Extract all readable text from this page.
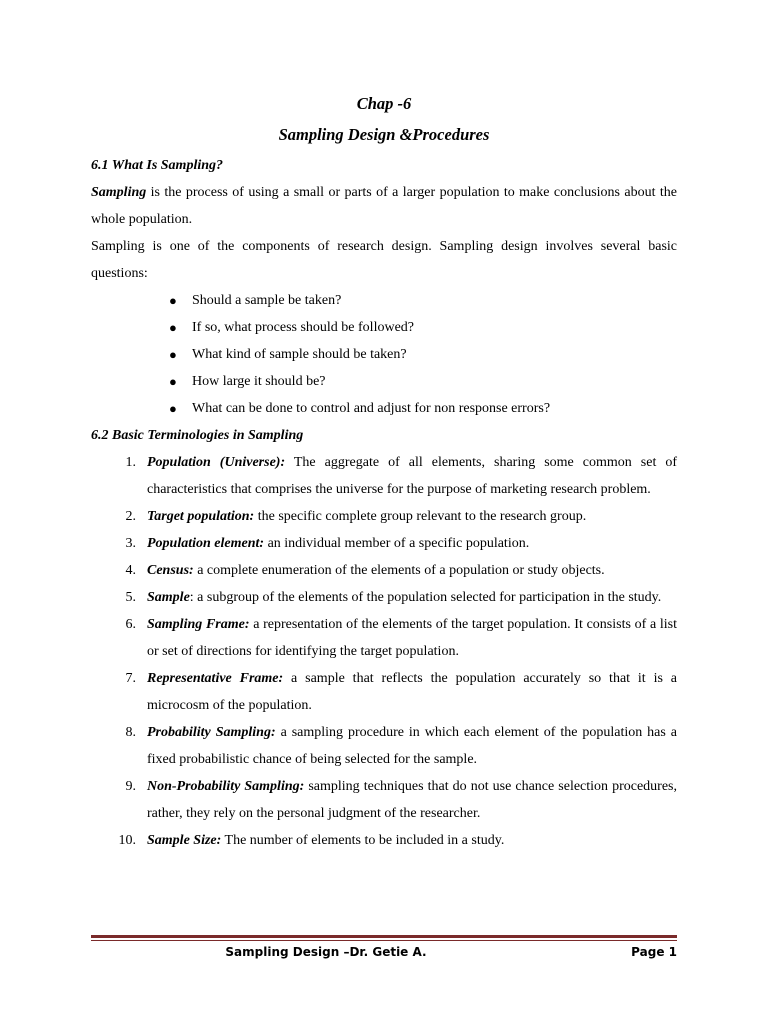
Chap -6
Sampling Design &Procedures
6.1 What Is Sampling?

Sampling is the process of using a small or parts of a larger population to make conclusions about the whole population.

Sampling is one of the components of research design. Sampling design involves several basic questions:

● Should a sample be taken?
● If so, what process should be followed?
● What kind of sample should be taken?
● How large it should be?
● What can be done to control and adjust for non response errors?
6.2 Basic Terminologies in Sampling
1. Population (Universe): The aggregate of all elements, sharing some common set of characteristics that comprises the universe for the purpose of marketing research problem.
2. Target population: the specific complete group relevant to the research group.
3. Population element: an individual member of a specific population.
4. Census: a complete enumeration of the elements of a population or study objects.
5. Sample: a subgroup of the elements of the population selected for participation in the study.
6. Sampling Frame: a representation of the elements of the target population. It consists of a list or set of directions for identifying the target population.
7. Representative Frame: a sample that reflects the population accurately so that it is a microcosm of the population.
8. Probability Sampling: a sampling procedure in which each element of the population has a fixed probabilistic chance of being selected for the sample.
9. Non-Probability Sampling: sampling techniques that do not use chance selection procedures, rather, they rely on the personal judgment of the researcher.
10. Sample Size: The number of elements to be included in a study.
Sampling Design –Dr. Getie A.	Page 1
